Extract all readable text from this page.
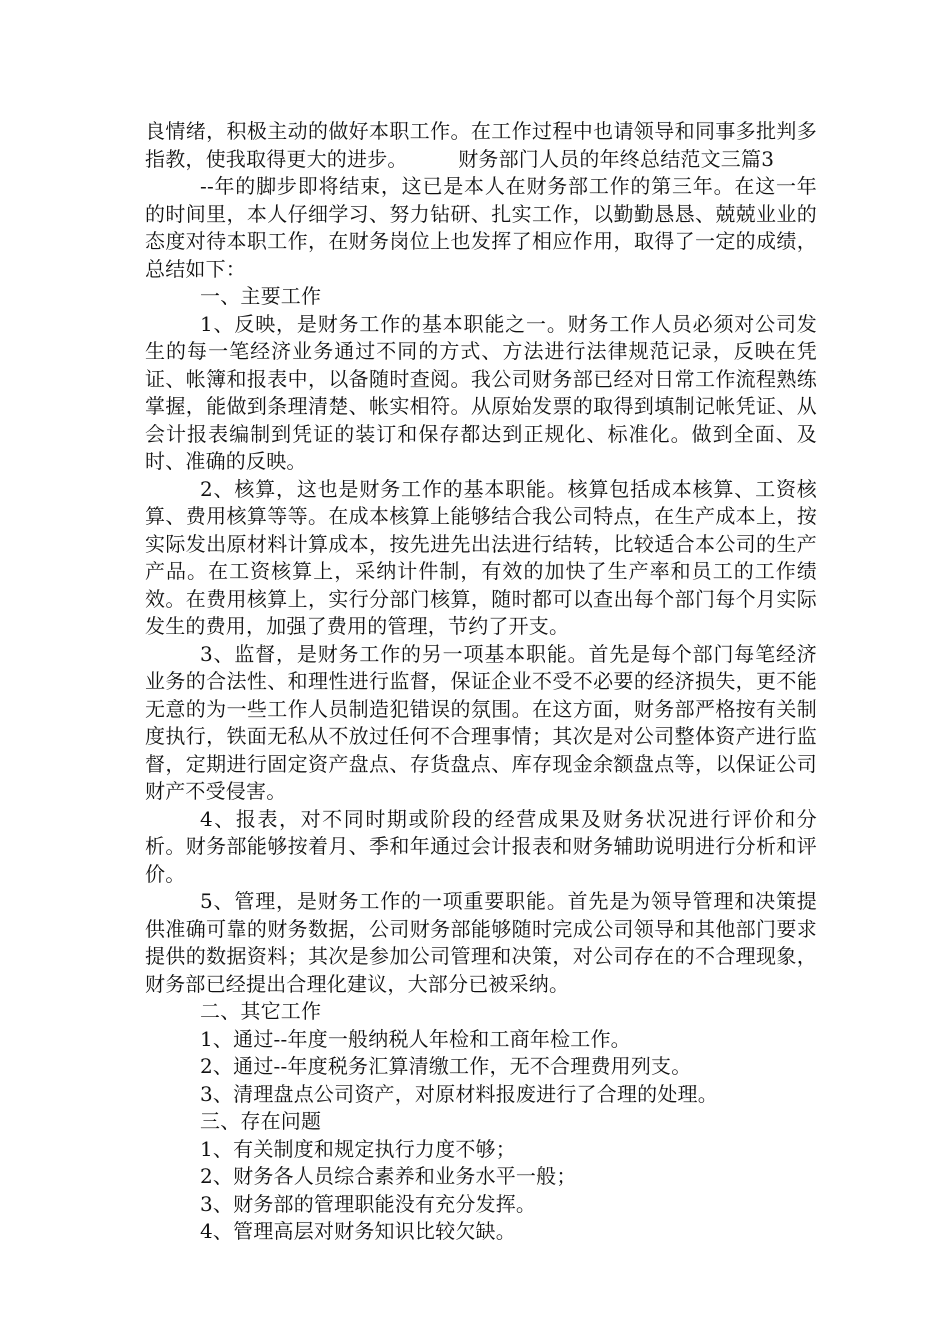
良情绪，积极主动的做好本职工作。在工作过程中也请领导和同事多批判多指教，使我取得更大的进步。　　　财务部门人员的年终总结范文三篇3

--年的脚步即将结束，这已是本人在财务部工作的第三年。在这一年的时间里，本人仔细学习、努力钻研、扎实工作，以勤勤恳恳、兢兢业业的态度对待本职工作，在财务岗位上也发挥了相应作用，取得了一定的成绩，总结如下：

一、主要工作

1、反映，是财务工作的基本职能之一。财务工作人员必须对公司发生的每一笔经济业务通过不同的方式、方法进行法律规范记录，反映在凭证、帐簿和报表中，以备随时查阅。我公司财务部已经对日常工作流程熟练掌握，能做到条理清楚、帐实相符。从原始发票的取得到填制记帐凭证、从会计报表编制到凭证的装订和保存都达到正规化、标准化。做到全面、及时、准确的反映。

2、核算，这也是财务工作的基本职能。核算包括成本核算、工资核算、费用核算等等。在成本核算上能够结合我公司特点，在生产成本上，按实际发出原材料计算成本，按先进先出法进行结转，比较适合本公司的生产产品。在工资核算上，采纳计件制，有效的加快了生产率和员工的工作绩效。在费用核算上，实行分部门核算，随时都可以查出每个部门每个月实际发生的费用，加强了费用的管理，节约了开支。

3、监督，是财务工作的另一项基本职能。首先是每个部门每笔经济业务的合法性、和理性进行监督，保证企业不受不必要的经济损失，更不能无意的为一些工作人员制造犯错误的氛围。在这方面，财务部严格按有关制度执行，铁面无私从不放过任何不合理事情；其次是对公司整体资产进行监督，定期进行固定资产盘点、存货盘点、库存现金余额盘点等，以保证公司财产不受侵害。

4、报表，对不同时期或阶段的经营成果及财务状况进行评价和分析。财务部能够按着月、季和年通过会计报表和财务辅助说明进行分析和评价。

5、管理，是财务工作的一项重要职能。首先是为领导管理和决策提供准确可靠的财务数据，公司财务部能够随时完成公司领导和其他部门要求提供的数据资料；其次是参加公司管理和决策，对公司存在的不合理现象，财务部已经提出合理化建议，大部分已被采纳。

二、其它工作

1、通过--年度一般纳税人年检和工商年检工作。

2、通过--年度税务汇算清缴工作，无不合理费用列支。

3、清理盘点公司资产，对原材料报废进行了合理的处理。

三、存在问题

1、有关制度和规定执行力度不够；

2、财务各人员综合素养和业务水平一般；

3、财务部的管理职能没有充分发挥。

4、管理高层对财务知识比较欠缺。
